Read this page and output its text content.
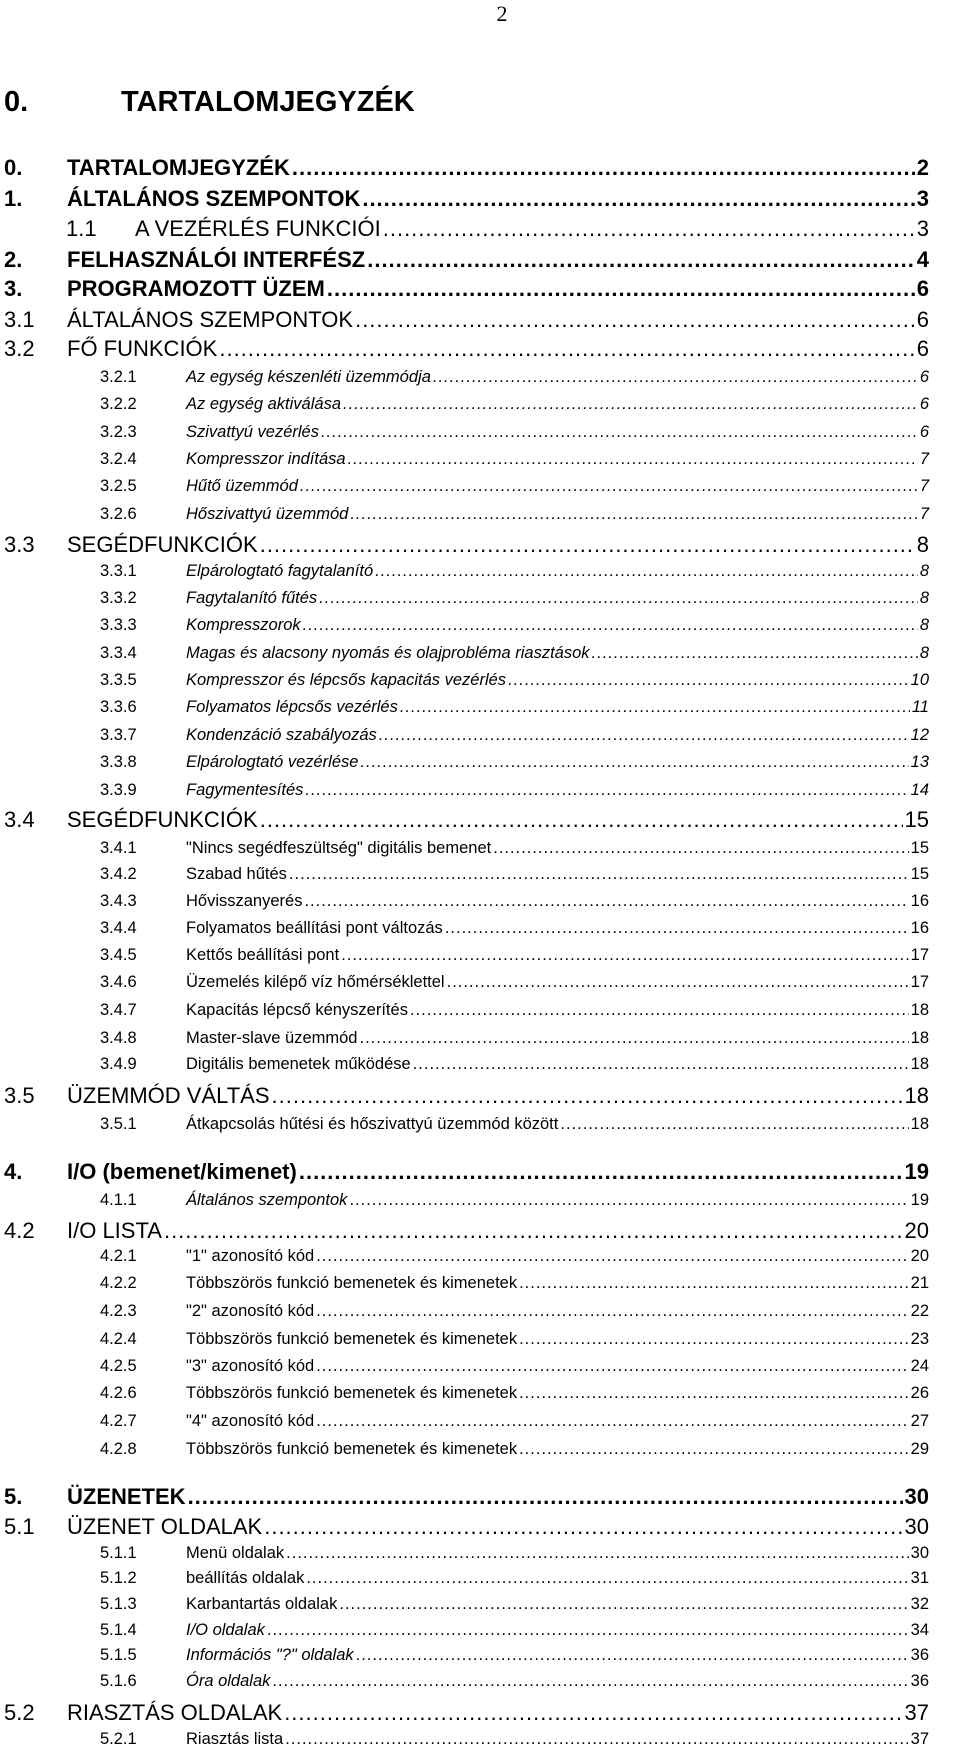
2
0.	TARTALOMJEGYZÉK
0.	TARTALOMJEGYZÉK .....	2
1.	ÁLTALÁNOS SZEMPONTOK .....	3
1.1	A VEZÉRLÉS FUNKCIÓI .....	3
2.	FELHASZNÁLÓI INTERFÉSZ .....	4
3.	PROGRAMOZOTT ÜZEM .....	6
3.1	ÁLTALÁNOS SZEMPONTOK .....	6
3.2	FŐ FUNKCIÓK .....	6
3.2.1	Az egység készenléti üzemmódja .....	6
3.2.2	Az egység aktiválása .....	6
3.2.3	Szivattyú vezérlés .....	6
3.2.4	Kompresszor indítása .....	7
3.2.5	Hűtő üzemmód .....	7
3.2.6	Hőszivattyú üzemmód .....	7
3.3	SEGÉDFUNKCIÓK .....	8
3.3.1	Elpárologtató fagytalanító .....	8
3.3.2	Fagytalanító fűtés .....	8
3.3.3	Kompresszorok .....	8
3.3.4	Magas és alacsony nyomás és olajprobléma riasztások .....	8
3.3.5	Kompresszor és lépcsős kapacitás vezérlés .....	10
3.3.6	Folyamatos lépcsős vezérlés .....	11
3.3.7	Kondenzáció szabályozás .....	12
3.3.8	Elpárologtató vezérlése .....	13
3.3.9	Fagymentesítés .....	14
3.4	SEGÉDFUNKCIÓK .....	15
3.4.1	"Nincs segédfeszültség" digitális bemenet .....	15
3.4.2	Szabad hűtés .....	15
3.4.3	Hővisszanyerés .....	16
3.4.4	Folyamatos beállítási pont változás .....	16
3.4.5	Kettős beállítási pont .....	17
3.4.6	Üzemelés kilépő víz hőmérséklettel .....	17
3.4.7	Kapacitás lépcső kényszerítés .....	18
3.4.8	Master-slave üzemmód .....	18
3.4.9	Digitális bemenetek működése .....	18
3.5	ÜZEMMÓD VÁLTÁS .....	18
3.5.1	Átkapcsolás hűtési és hőszivattyú üzemmód között .....	18
4.	I/O (bemenet/kimenet) .....	19
4.1.1	Általános szempontok .....	19
4.2	I/O LISTA .....	20
4.2.1	"1" azonosító kód .....	20
4.2.2	Többszörös funkció bemenetek és kimenetek .....	21
4.2.3	"2" azonosító kód .....	22
4.2.4	Többszörös funkció bemenetek és kimenetek .....	23
4.2.5	"3" azonosító kód .....	24
4.2.6	Többszörös funkció bemenetek és kimenetek .....	26
4.2.7	"4" azonosító kód .....	27
4.2.8	Többszörös funkció bemenetek és kimenetek .....	29
5.	ÜZENETEK .....	30
5.1	ÜZENET OLDALAK .....	30
5.1.1	Menü oldalak .....	30
5.1.2	beállítás oldalak .....	31
5.1.3	Karbantartás oldalak .....	32
5.1.4	I/O oldalak .....	34
5.1.5	Információs "?" oldalak .....	36
5.1.6	Óra oldalak .....	36
5.2	RIASZTÁS OLDALAK .....	37
5.2.1	Riasztás lista .....	37
